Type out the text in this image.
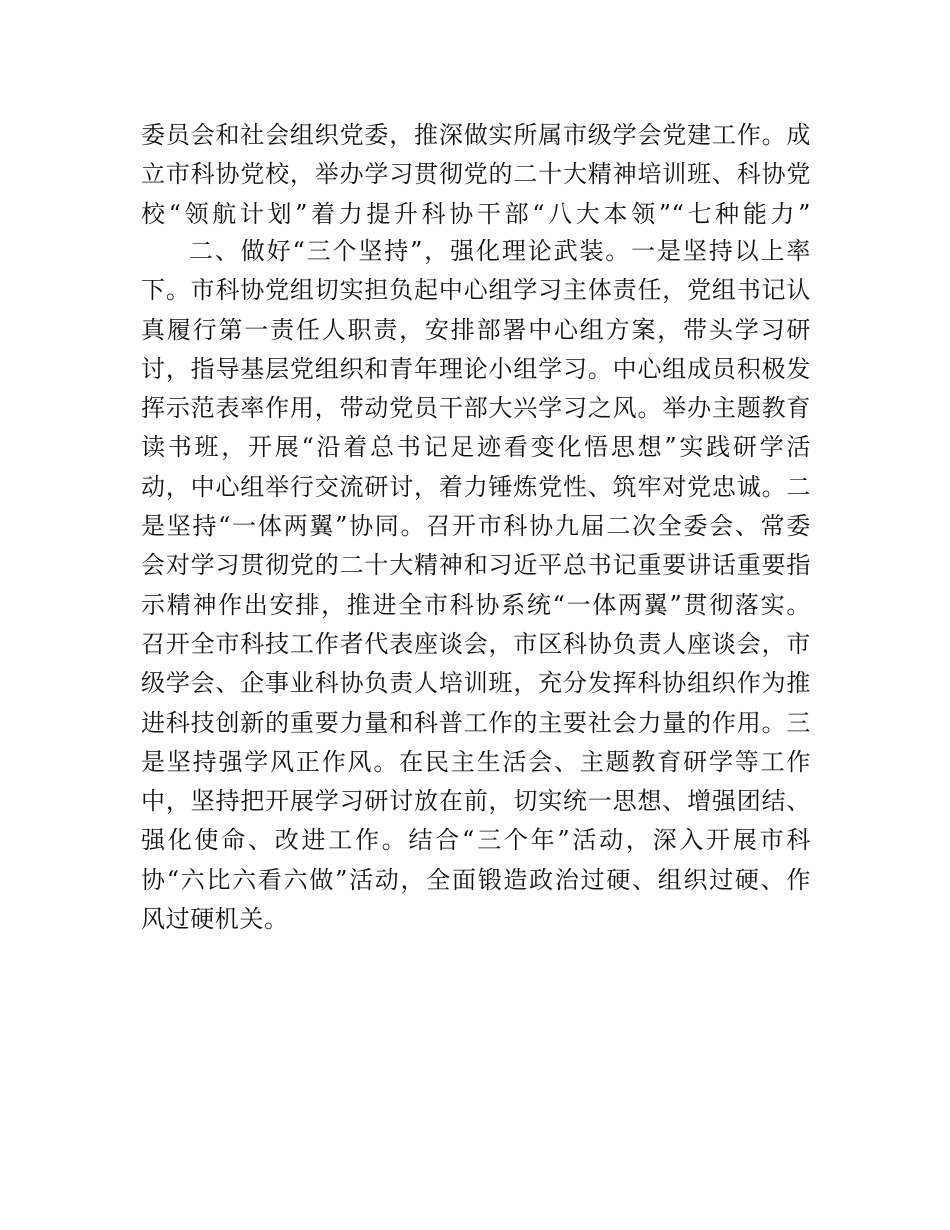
委员会和社会组织党委，推深做实所属市级学会党建工作。成
立市科协党校，举办学习贯彻党的二十大精神培训班、科协党
校“领航计划”着力提升科协干部“八大本领”“七种能力”
二、做好“三个坚持”，强化理论武装。一是坚持以上率
下。市科协党组切实担负起中心组学习主体责任，党组书记认
真履行第一责任人职责，安排部署中心组方案，带头学习研
讨，指导基层党组织和青年理论小组学习。中心组成员积极发
挥示范表率作用，带动党员干部大兴学习之风。举办主题教育
读书班，开展“沿着总书记足迹看变化悟思想”实践研学活
动，中心组举行交流研讨，着力锤炼党性、筑牢对党忠诚。二
是坚持“一体两翼”协同。召开市科协九届二次全委会、常委
会对学习贯彻党的二十大精神和习近平总书记重要讲话重要指
示精神作出安排，推进全市科协系统“一体两翼”贯彻落实。
召开全市科技工作者代表座谈会，市区科协负责人座谈会，市
级学会、企事业科协负责人培训班，充分发挥科协组织作为推
进科技创新的重要力量和科普工作的主要社会力量的作用。三
是坚持强学风正作风。在民主生活会、主题教育研学等工作
中，坚持把开展学习研讨放在前，切实统一思想、增强团结、
强化使命、改进工作。结合“三个年”活动，深入开展市科
协“六比六看六做”活动，全面锻造政治过硬、组织过硬、作
风过硬机关。
